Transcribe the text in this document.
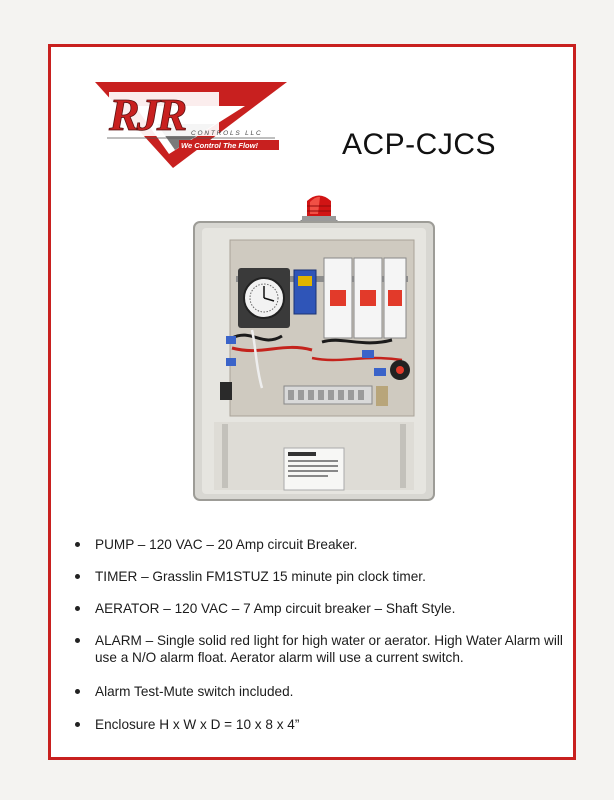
RJR CONTROLS LLC
We Control The Flow!	ACP-CJCS
PUMP – 120 VAC – 20 Amp circuit Breaker.
TIMER – Grasslin FM1STUZ 15 minute pin clock timer.
AERATOR – 120 VAC – 7 Amp circuit breaker – Shaft Style.
ALARM – Single solid red light for high water or aerator. High Water Alarm will use a N/O alarm float. Aerator alarm will use a current switch.
Alarm Test-Mute switch included.
Enclosure H x W x D = 10 x 8 x 4”
